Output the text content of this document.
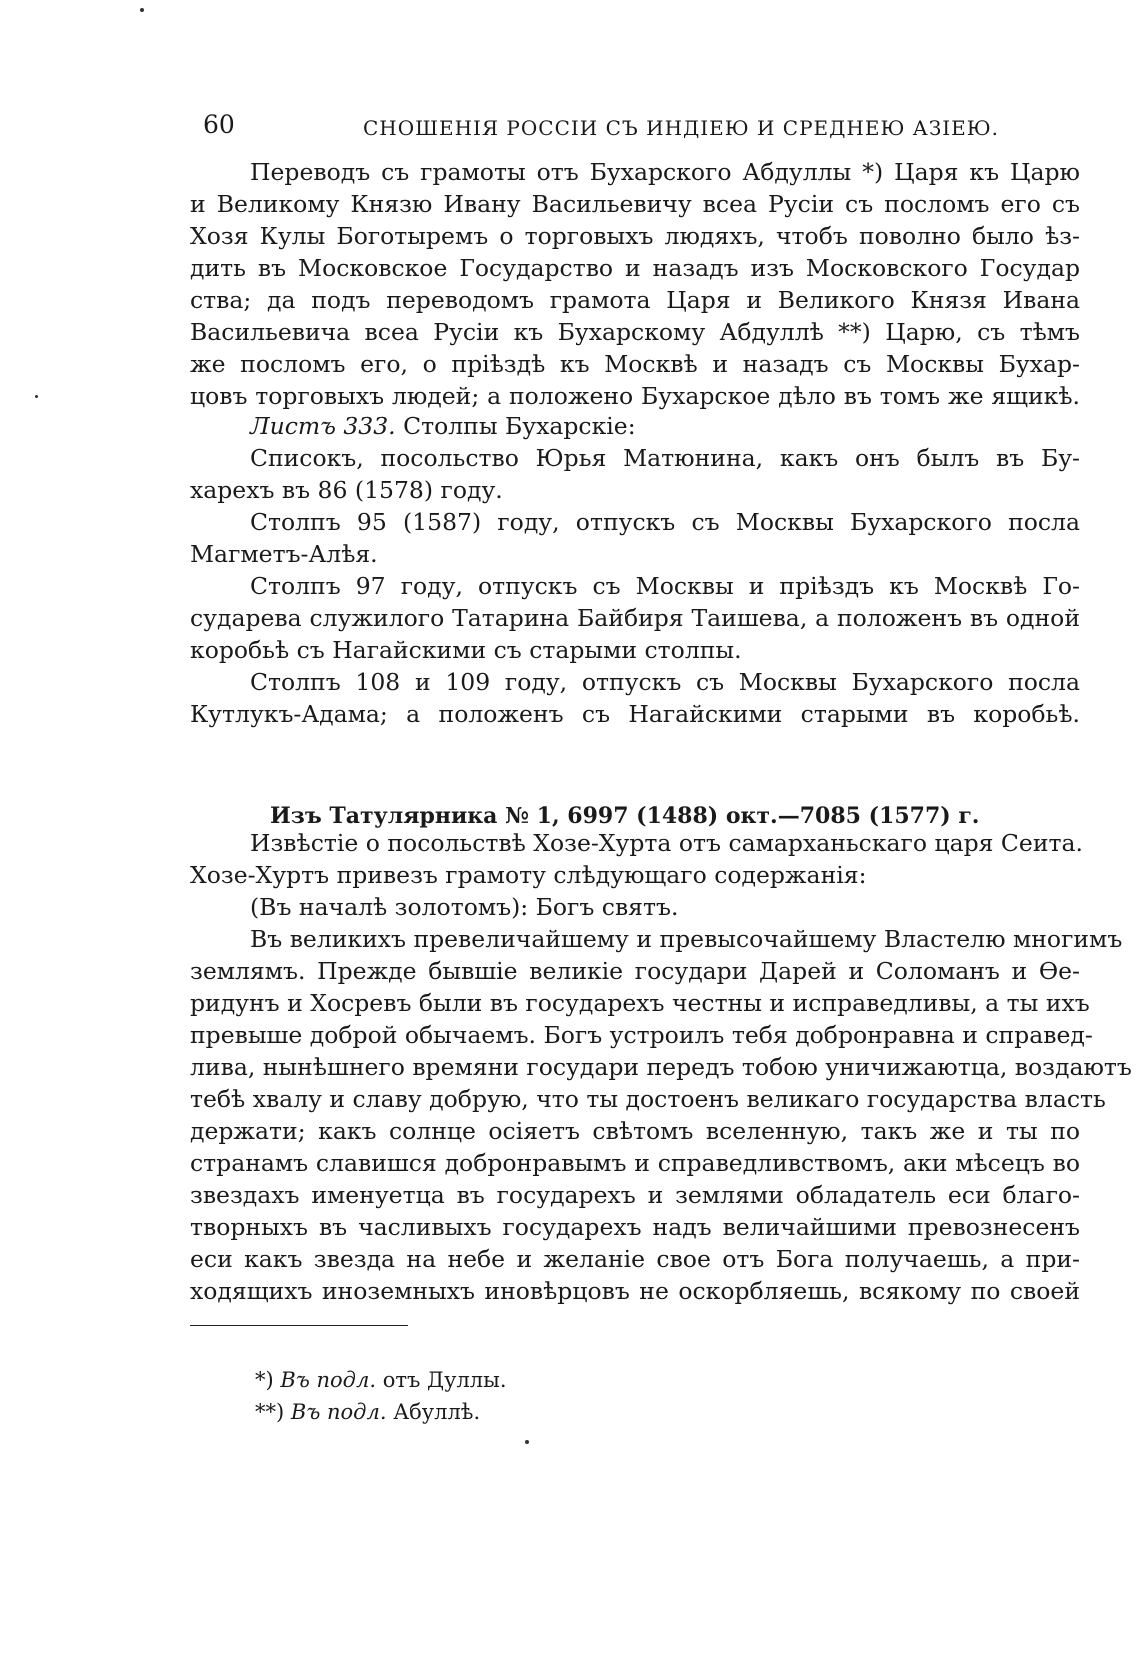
60	СНОШЕНІЯ РОССІИ СЪ ИНДІЕЮ И СРЕДНЕЮ АЗІЕЮ.
Переводъ съ грамоты отъ Бухарского Абдуллы *) Царя къ Царю
и Великому Князю Ивану Васильевичу всеа Русіи съ посломъ его съ
Хозя Кулы Боготыремъ о торговыхъ людяхъ, чтобъ поволно было ѣз-
дить въ Московское Государство и назадъ изъ Московского Государ
ства; да подъ переводомъ грамота Царя и Великого Князя Ивана
Васильевича всеа Русіи къ Бухарскому Абдуллѣ **) Царю, съ тѣмъ
же посломъ его, о пріѣздѣ къ Москвѣ и назадъ съ Москвы Бухар-
цовъ торговыхъ людей; а положено Бухарское дѣло въ томъ же ящикѣ.
Листъ 333. Столпы Бухарскіе:
Списокъ, посольство Юрья Матюнина, какъ онъ былъ въ Бу-
харехъ въ 86 (1578) году.
Столпъ 95 (1587) году, отпускъ съ Москвы Бухарского посла
Магметъ-Алѣя.
Столпъ 97 году, отпускъ съ Москвы и пріѣздъ къ Москвѣ Го-
сударева служилого Татарина Байбиря Таишева, а положенъ въ одной
коробьѣ съ Нагайскими съ старыми столпы.
Столпъ 108 и 109 году, отпускъ съ Москвы Бухарского посла
Кутлукъ-Адама; а положенъ съ Нагайскими старыми въ коробьѣ.
Извѣстіе о посольствѣ Хозе-Хурта отъ самарханьскаго царя Сеита.
Хозе-Хуртъ привезъ грамоту слѣдующаго содержанія:
(Въ началѣ золотомъ): Богъ святъ.
Въ великихъ превеличайшему и превысочайшему Властелю многимъ
землямъ. Прежде бывшіе великіе государи Дарей и Соломанъ и Ѳе-
ридунъ и Хосревъ были въ государехъ честны и исправедливы, а ты ихъ
превыше доброй обычаемъ. Богъ устроилъ тебя добронравна и справед-
лива, нынѣшнего времяни государи передъ тобою уничижаютца, воздаютъ
тебѣ хвалу и славу добрую, что ты достоенъ великаго государства власть
держати; какъ солнце осіяетъ свѣтомъ вселенную, такъ же и ты по
странамъ славишся добронравымъ и справедливствомъ, аки мѣсецъ во
звездахъ именуетца въ государехъ и землями обладатель еси благо-
творныхъ въ часливыхъ государехъ надъ величайшими превознесенъ
еси какъ звезда на небе и желаніе свое отъ Бога получаешь, а при-
ходящихъ иноземныхъ иновѣрцовъ не оскорбляешь, всякому по своей
Изъ Татулярника № 1, 6997 (1488) окт.—7085 (1577) г.
*) Въ подл. отъ Дуллы.
**) Въ подл. Абуллѣ.
